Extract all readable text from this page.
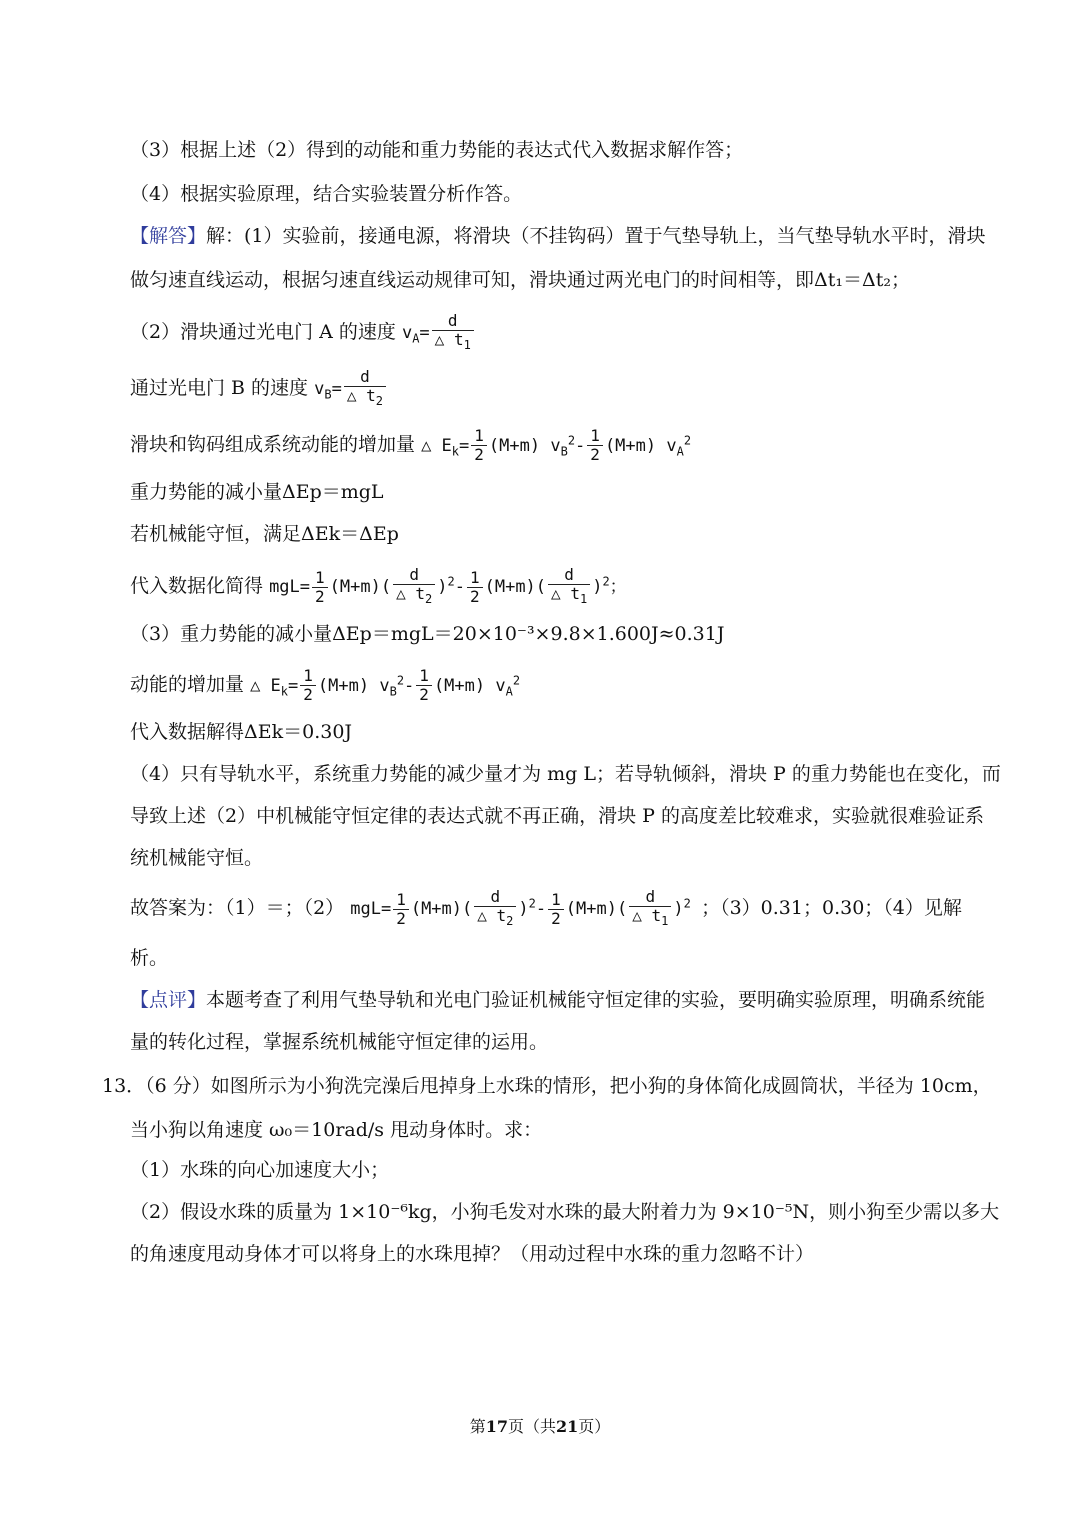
（3）根据上述（2）得到的动能和重力势能的表达式代入数据求解作答；
（4）根据实验原理，结合实验装置分析作答。
【解答】解：(1）实验前，接通电源，将滑块（不挂钩码）置于气垫导轨上，当气垫导轨水平时，滑块
做匀速直线运动，根据匀速直线运动规律可知，滑块通过两光电门的时间相等，即Δt₁＝Δt₂；
（2）滑块通过光电门 A 的速度 $v_A= \frac{d}{\triangle t_1}$
通过光电门 B 的速度 $v_B= \frac{d}{\triangle t_2}$
滑块和钩码组成系统动能的增加量 △ $E_k= \frac{1}{2} (M+m)$ $v_B^2- \frac{1}{2} (M+m)$ $v_A^2$
重力势能的减小量ΔEp＝mgL
若机械能守恒，满足ΔEk＝ΔEp
代入数据化简得 $mgL= \frac{1}{2} (M+m)( \frac{d}{\triangle t_2} )^2- \frac{1}{2} (M+m)( \frac{d}{\triangle t_1} )^2$；
（3）重力势能的减小量ΔEp＝mgL＝20×10⁻³×9.8×1.600J≈0.31J
动能的增加量 △ $E_k= \frac{1}{2} (M+m)$ $v_B^2- \frac{1}{2} (M+m)$ $v_A^2$
代入数据解得ΔEk＝0.30J
（4）只有导轨水平，系统重力势能的减少量才为 mg L；若导轨倾斜，滑块 P 的重力势能也在变化，而
导致上述（2）中机械能守恒定律的表达式就不再正确，滑块 P 的高度差比较难求，实验就很难验证系
统机械能守恒。
故答案为：（1）＝；（2） $mgL= \frac{1}{2} (M+m)( \frac{d}{\triangle t_2} )^2- \frac{1}{2} (M+m)( \frac{d}{\triangle t_1} )^2$ ；（3）0.31；0.30；（4）见解
析。
【点评】本题考查了利用气垫导轨和光电门验证机械能守恒定律的实验，要明确实验原理，明确系统能
量的转化过程，掌握系统机械能守恒定律的运用。
13．（6 分）如图所示为小狗洗完澡后甩掉身上水珠的情形，把小狗的身体简化成圆筒状，半径为 10cm，
当小狗以角速度 ω₀＝10rad/s 甩动身体时。求：
（1）水珠的向心加速度大小；
（2）假设水珠的质量为 1×10⁻⁶kg，小狗毛发对水珠的最大附着力为 9×10⁻⁵N，则小狗至少需以多大
的角速度甩动身体才可以将身上的水珠甩掉？（用动过程中水珠的重力忽略不计）
第17页（共21页）
